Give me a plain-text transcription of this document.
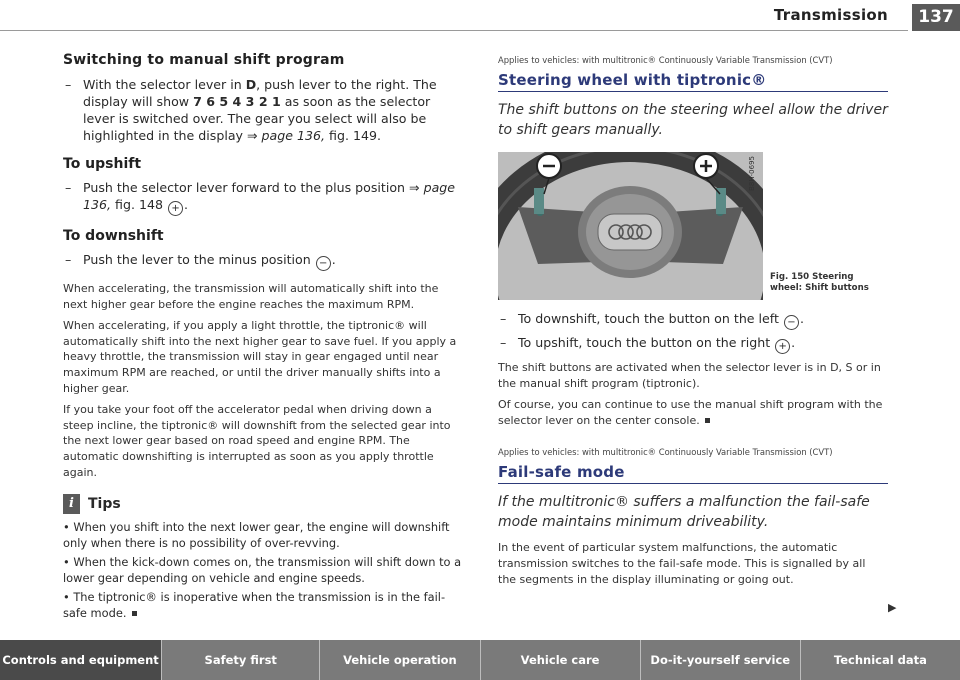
Transmission	137
Switching to manual shift program

– With the selector lever in D, push lever to the right. The display will show 7 6 5 4 3 2 1 as soon as the selector lever is switched over. The gear you select will also be highlighted in the display ⇒ page 136, fig. 149.

To upshift

– Push the selector lever forward to the plus position ⇒ page 136, fig. 148 + .

To downshift

– Push the lever to the minus position − .

When accelerating, the transmission will automatically shift into the next higher gear before the engine reaches the maximum RPM.

When accelerating, if you apply a light throttle, the tiptronic® will automatically shift into the next higher gear to save fuel. If you apply a heavy throttle, the transmission will stay in gear engaged until near maximum RPM are reached, or until the driver manually shifts into a higher gear.

If you take your foot off the accelerator pedal when driving down a steep incline, the tiptronic® will downshift from the selected gear into the next lower gear based on road speed and engine RPM. The automatic downshifting is interrupted as soon as you apply throttle again.

i	Tips

• When you shift into the next lower gear, the engine will downshift only when there is no possibility of over-revving.

• When the kick-down comes on, the transmission will shift down to a lower gear depending on vehicle and engine speeds.

• The tiptronic® is inoperative when the transmission is in the fail-safe mode.

Applies to vehicles: with multitronic® Continuously Variable Transmission (CVT)

Steering wheel with tiptronic®

The shift buttons on the steering wheel allow the driver to shift gears manually.

B8H-0695
Fig. 150 Steering
wheel: Shift buttons

– To downshift, touch the button on the left − .

– To upshift, touch the button on the right + .

The shift buttons are activated when the selector lever is in D, S or in the manual shift program (tiptronic).

Of course, you can continue to use the manual shift program with the selector lever on the center console.

Applies to vehicles: with multitronic® Continuously Variable Transmission (CVT)

Fail-safe mode

If the multitronic® suffers a malfunction the fail-safe mode maintains minimum driveability.

In the event of particular system malfunctions, the automatic transmission switches to the fail-safe mode. This is signalled by all the segments in the display illuminating or going out.

▶
Controls and equipment	Safety first	Vehicle operation	Vehicle care	Do-it-yourself service	Technical data
